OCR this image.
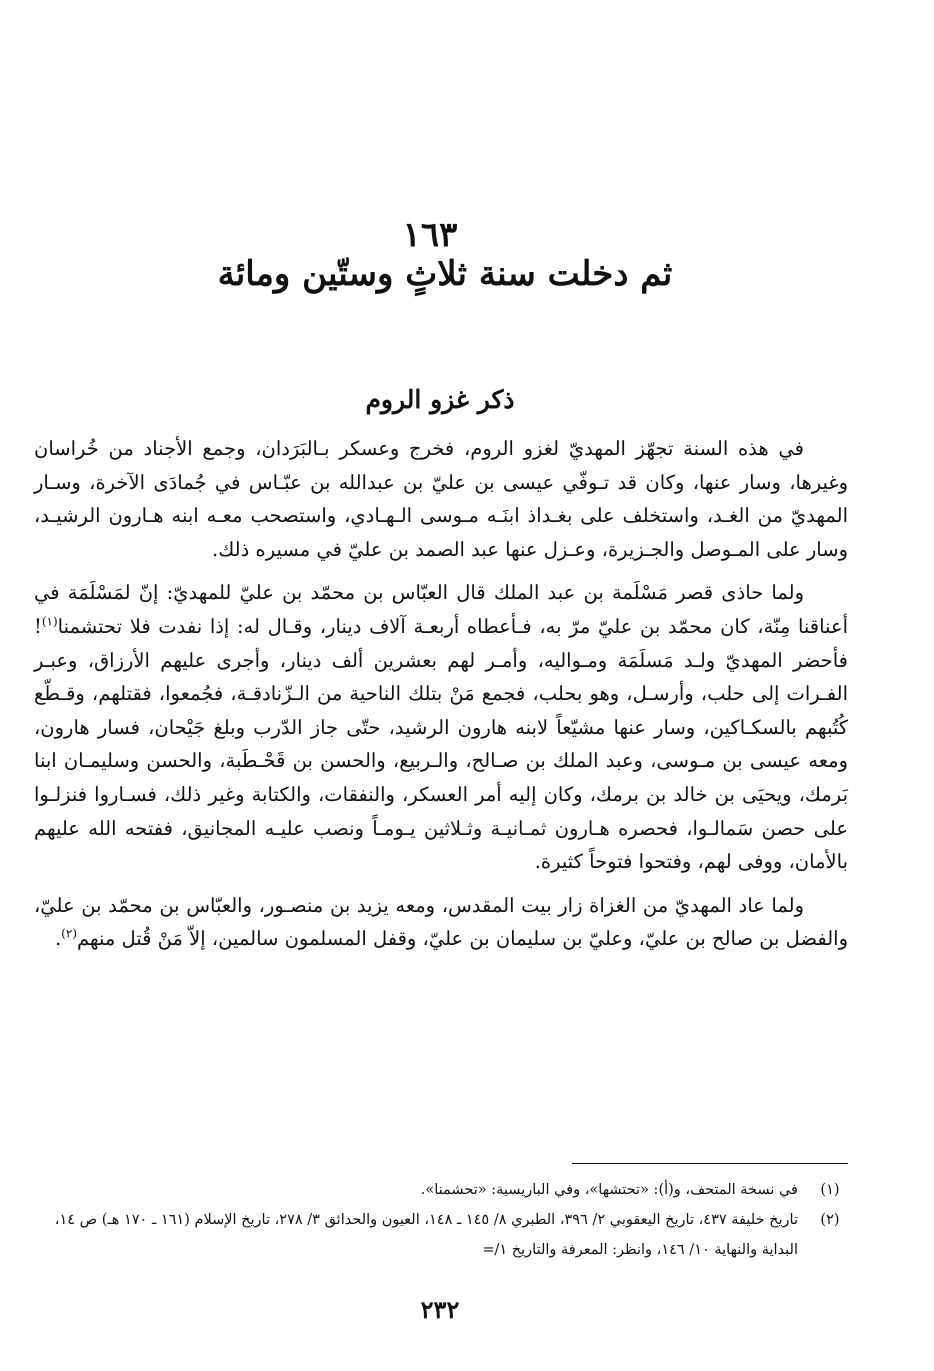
١٦٣
ثم دخلت سنة ثلاثٍ وستّين ومائة
ذكر غزو الروم

في هذه السنة تجهّز المهديّ لغزو الروم، فخرج وعسكر بـالبَرَدان، وجمع الأجناد من خُراسان وغيرها، وسار عنها، وكان قد تـوفّي عيسى بن عليّ بن عبدالله بن عبّـاس في جُمادَى الآخرة، وسـار المهديّ من الغـد، واستخلف على بغـداذ ابنَـه مـوسى الـهـادي، واستصحب معـه ابنه هـارون الرشيـد، وسار على المـوصل والجـزيرة، وعـزل عنها عبد الصمد بن عليّ في مسيره ذلك.

ولما حاذى قصر مَسْلَمة بن عبد الملك قال العبّاس بن محمّد بن عليّ للمهديّ: إنّ لمَسْلَمَة في أعناقنا مِنّة، كان محمّد بن عليّ مرّ به، فـأعطاه أربعـة آلاف دينار، وقـال له: إذا نفدت فلا تحتشمنا$^{(١)}$! فأحضر المهديّ ولـد مَسلَمَة ومـواليه، وأمـر لهم بعشرين ألف دينار، وأجرى عليهم الأرزاق، وعبـر الفـرات إلى حلب، وأرسـل، وهو بحلب، فجمع مَنْ بتلك الناحية من الـزّنادقـة، فجُمعوا، فقتلهم، وقـطّع كُتُبهم بالسكـاكين، وسار عنها مشيّعاً لابنه هارون الرشيد، حتّى جاز الدّرب وبلغ جَيْحان، فسار هارون، ومعه عيسى بن مـوسى، وعبد الملك بن صـالح، والـربيع، والحسن بن قَحْـطَبة، والحسن وسليمـان ابنا بَرمك، ويحيَى بن خالد بن برمك، وكان إليه أمر العسكر، والنفقات، والكتابة وغير ذلك، فسـاروا فنزلـوا على حصن سَمالـوا، فحصره هـارون ثمـانيـة وثـلاثين يـومـاً ونصب عليـه المجانيق، ففتحه الله عليهم بالأمان، ووفى لهم، وفتحوا فتوحاً كثيرة.

ولما عاد المهديّ من الغزاة زار بيت المقدس، ومعه يزيد بن منصـور، والعبّاس بن محمّد بن عليّ، والفضل بن صالح بن عليّ، وعليّ بن سليمان بن عليّ، وقفل المسلمون سالمين، إلاّ مَنْ قُتل منهم$^{(٢)}$.

(١)
في نسخة المتحف، و(أ): «تحتشها»، وفي الباريسية: «تحشمنا».

(٢)
تاريخ خليفة ٤٣٧، تاريخ اليعقوبي ٢/ ٣٩٦، الطبري ٨/ ١٤٥ ـ ١٤٨، العيون والحدائق ٣/ ٢٧٨، تاريخ الإسلام (١٦١ ـ ١٧٠ هـ) ص ١٤، البداية والنهاية ١٠/ ١٤٦، وانظر: المعرفة والتاريخ ١/=

٢٣٢
